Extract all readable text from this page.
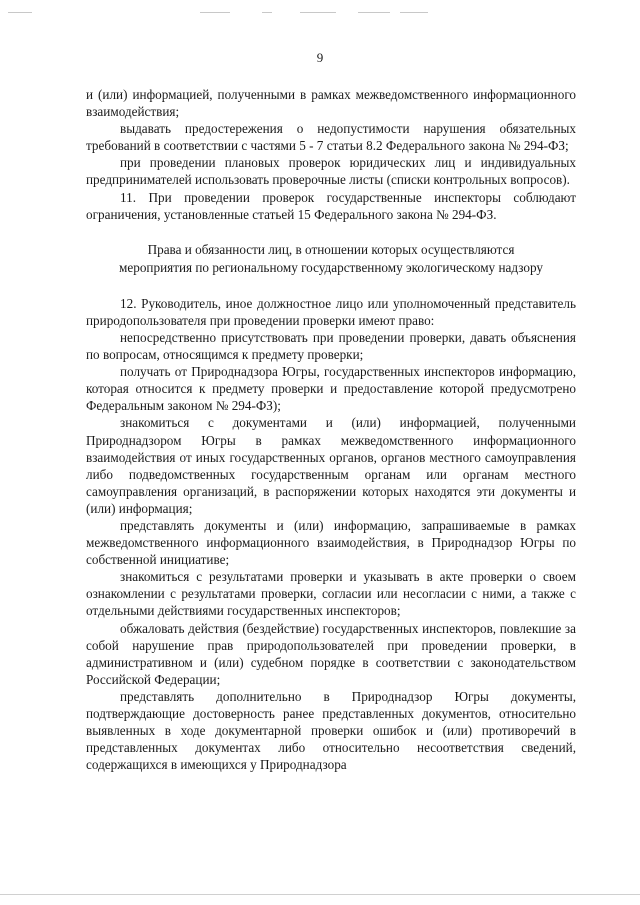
9

и (или) информацией, полученными в рамках межведомственного информационного взаимодействия;

выдавать предостережения о недопустимости нарушения обязательных требований в соответствии с частями 5 - 7 статьи 8.2 Федерального закона № 294-ФЗ;

при проведении плановых проверок юридических лиц и индивидуальных предпринимателей использовать проверочные листы (списки контрольных вопросов).

11. При проведении проверок государственные инспекторы соблюдают ограничения, установленные статьей 15 Федерального закона № 294-ФЗ.

Права и обязанности лиц, в отношении которых осуществляются
мероприятия по региональному государственному экологическому надзору

12. Руководитель, иное должностное лицо или уполномоченный представитель природопользователя при проведении проверки имеют право:

непосредственно присутствовать при проведении проверки, давать объяснения по вопросам, относящимся к предмету проверки;

получать от Природнадзора Югры, государственных инспекторов информацию, которая относится к предмету проверки и предоставление которой предусмотрено Федеральным законом № 294-ФЗ);

знакомиться с документами и (или) информацией, полученными Природнадзором Югры в рамках межведомственного информационного взаимодействия от иных государственных органов, органов местного самоуправления либо подведомственных государственным органам или органам местного самоуправления организаций, в распоряжении которых находятся эти документы и (или) информация;

представлять документы и (или) информацию, запрашиваемые в рамках межведомственного информационного взаимодействия, в Природнадзор Югры по собственной инициативе;

знакомиться с результатами проверки и указывать в акте проверки о своем ознакомлении с результатами проверки, согласии или несогласии с ними, а также с отдельными действиями государственных инспекторов;

обжаловать действия (бездействие) государственных инспекторов, повлекшие за собой нарушение прав природопользователей при проведении проверки, в административном и (или) судебном порядке в соответствии с законодательством Российской Федерации;

представлять дополнительно в Природнадзор Югры документы, подтверждающие достоверность ранее представленных документов, относительно выявленных в ходе документарной проверки ошибок и (или) противоречий в представленных документах либо относительно несоответствия сведений, содержащихся в имеющихся у Природнадзора
